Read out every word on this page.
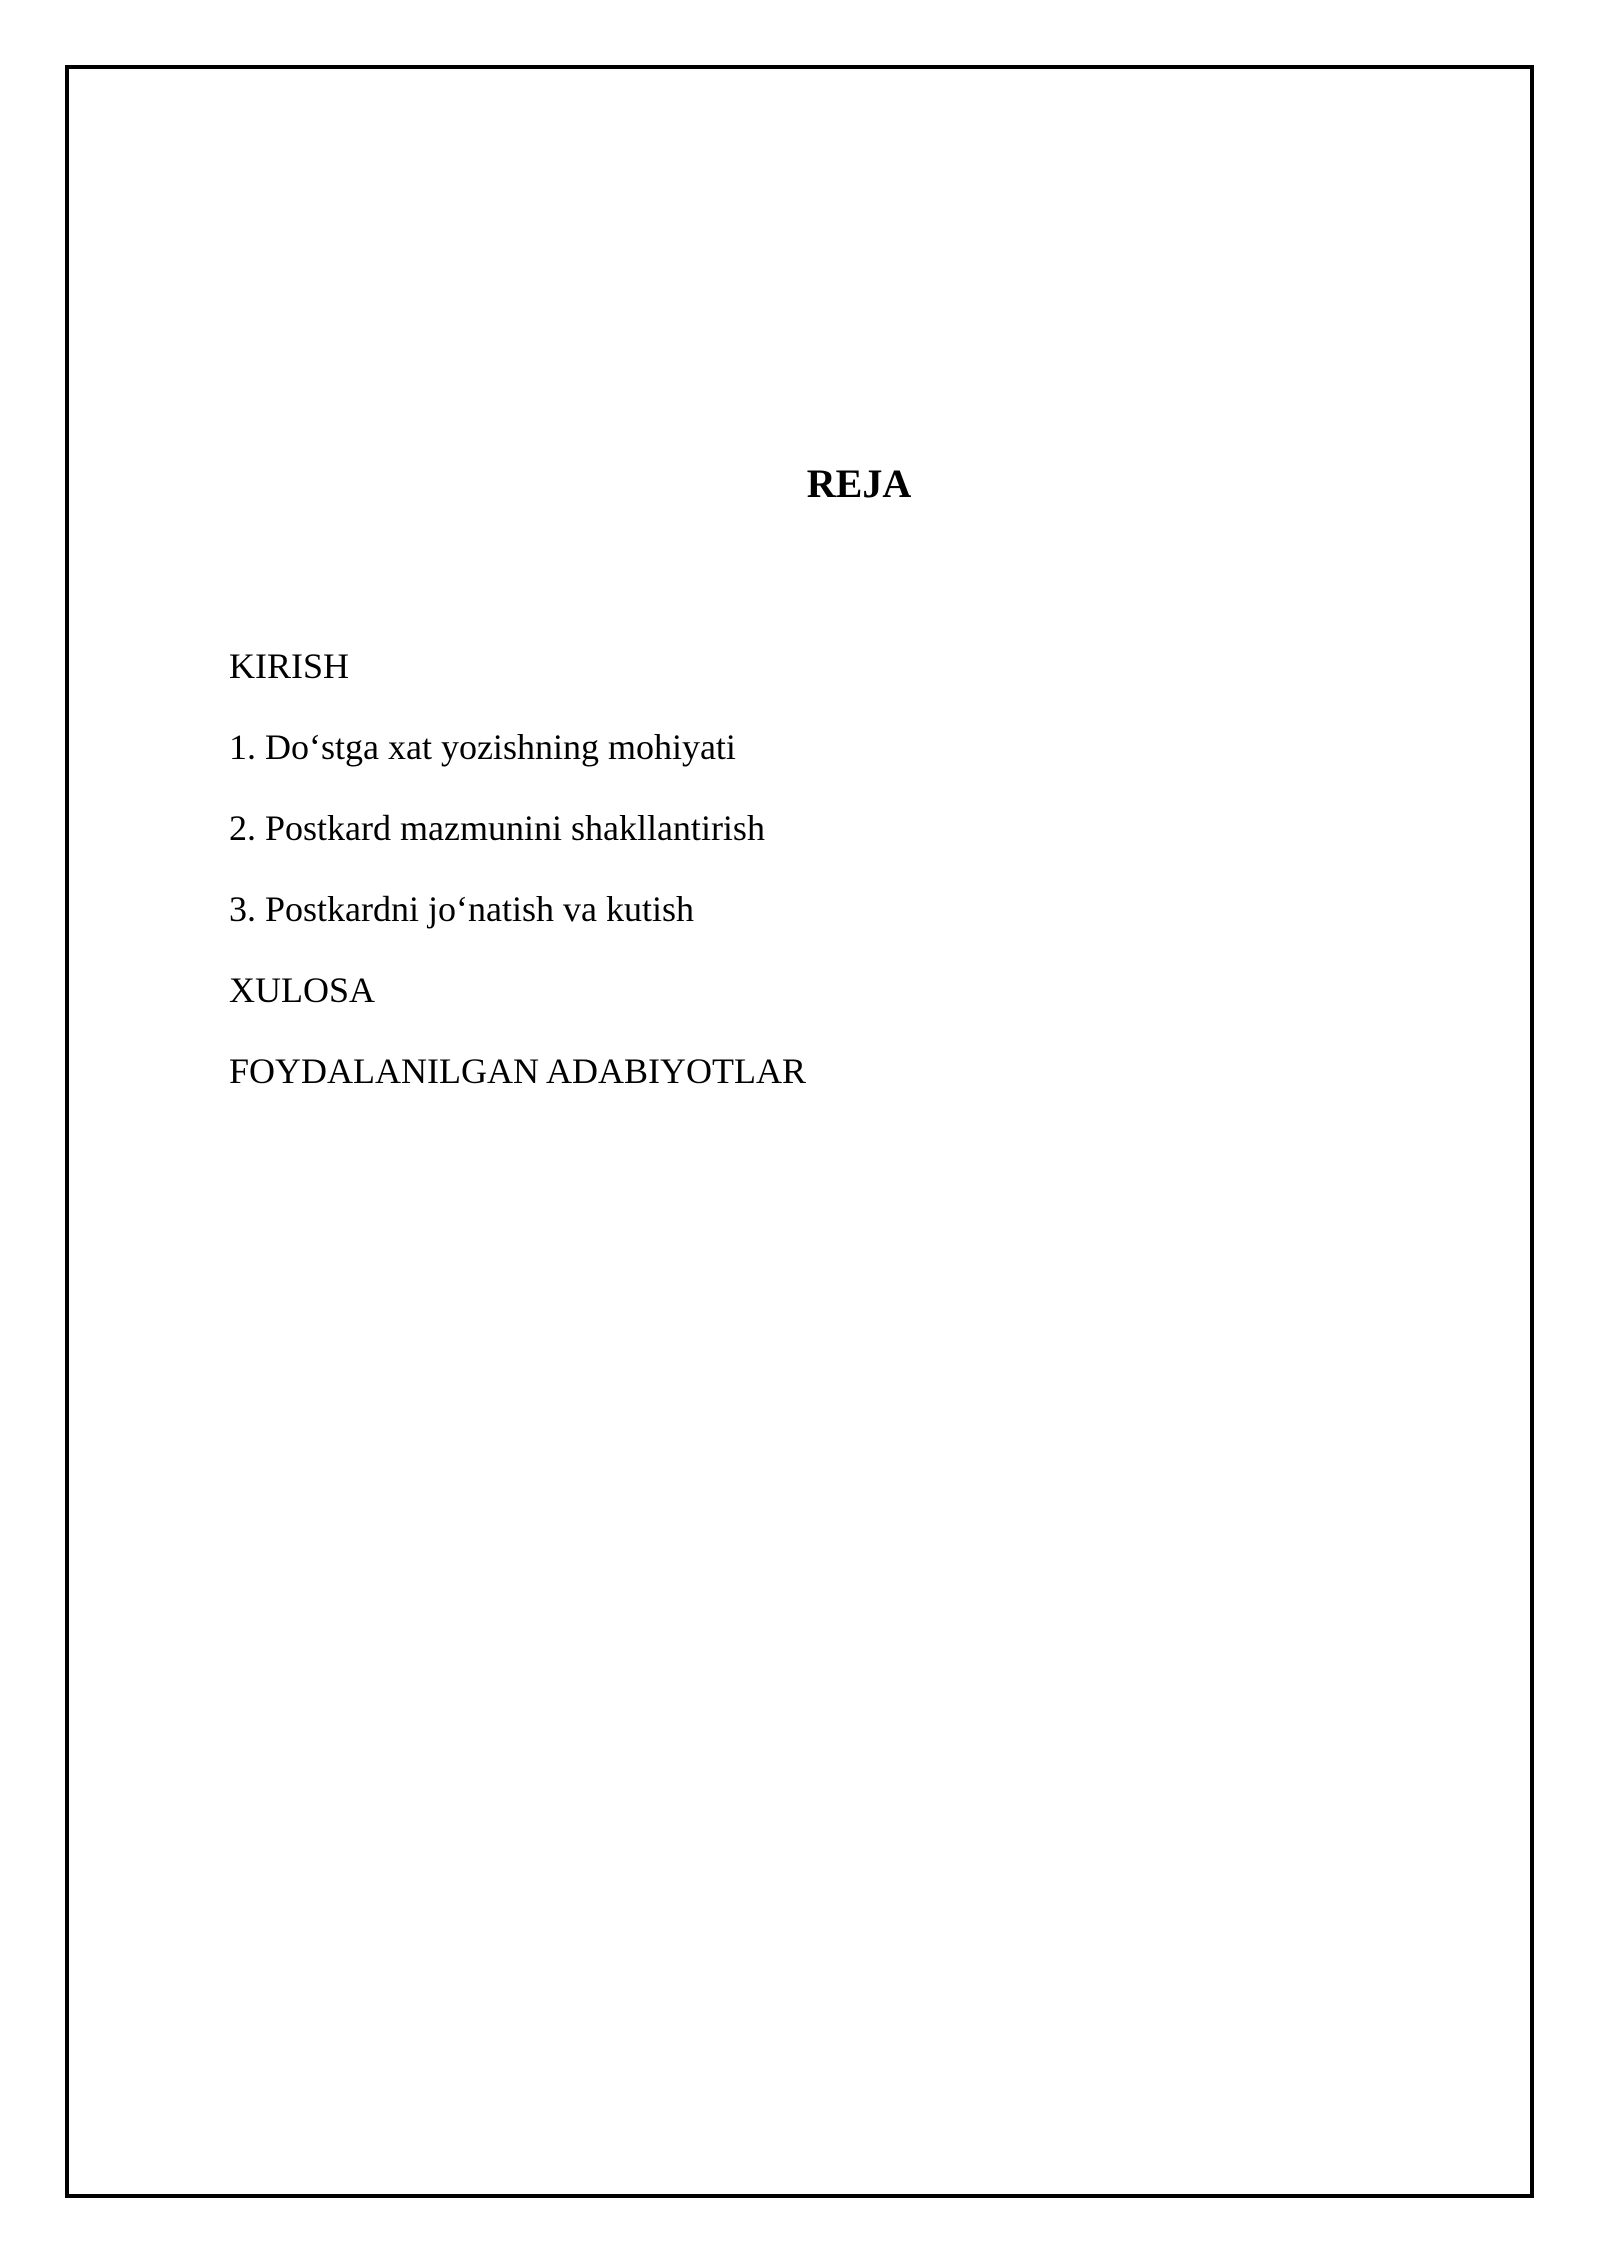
REJA
KIRISH
1. Do‘stga xat yozishning mohiyati
2. Postkard mazmunini shakllantirish
3. Postkardni jo‘natish va kutish
XULOSA
FOYDALANILGAN ADABIYOTLAR
